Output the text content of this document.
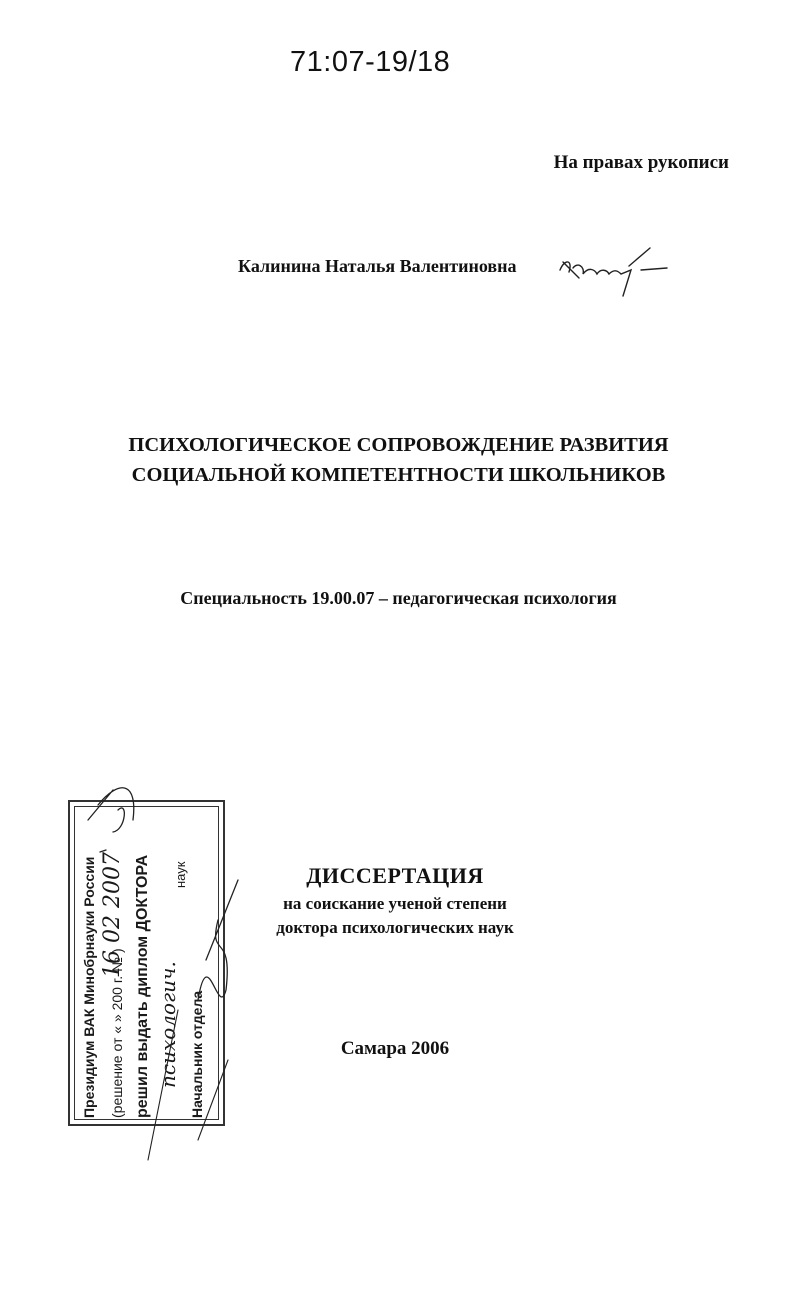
71:07-19/18
На правах рукописи
Калинина Наталья Валентиновна
ПСИХОЛОГИЧЕСКОЕ СОПРОВОЖДЕНИЕ РАЗВИТИЯ
СОЦИАЛЬНОЙ КОМПЕТЕНТНОСТИ ШКОЛЬНИКОВ
Специальность 19.00.07 – педагогическая психология
Президиум ВАК Минобрнауки России (решение от « » 200 г. № ) решил выдать диплом ДОКТОРА наук
Начальник отдела
16 02 2007
психологич.
ДИССЕРТАЦИЯ
на соискание ученой степени
доктора психологических наук
Самара 2006
